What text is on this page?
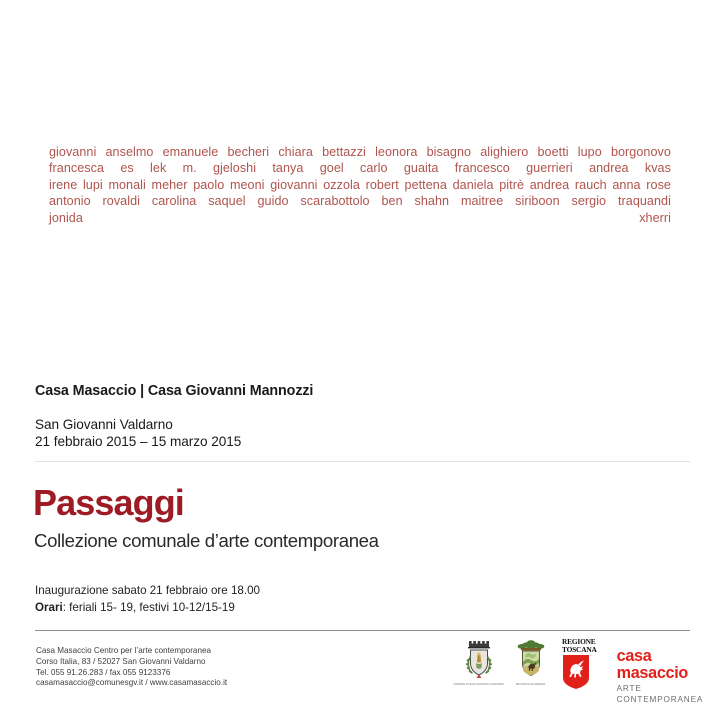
giovanni anselmo emanuele becheri chiara bettazzi leonora bisagno alighiero boetti lupo borgonovo francesca es lek m. gjeloshi tanya goel carlo guaita francesco guerrieri andrea kvas irene lupi monali meher paolo meoni giovanni ozzola robert pettena daniela pitrè andrea rauch anna rose antonio rovaldi carolina saquel guido scarabottolo ben shahn maitree siriboon sergio traquandi jonida xherri
Casa Masaccio | Casa Giovanni Mannozzi
San Giovanni Valdarno
21 febbraio 2015 – 15 marzo 2015
Passaggi
Collezione comunale d’arte contemporanea
Inaugurazione sabato 21 febbraio ore 18.00
Orari: feriali 15- 19, festivi 10-12/15-19
Casa Masaccio Centro per l’arte contemporanea
Corso Italia, 83 / 52027 San Giovanni Valdarno
Tel. 055 91.26.283 / fax 055 9123376
casamasaccio@comunesgv.it / www.casamasaccio.it	COMUNE DI SAN GIOVANNI VALDARNO	PROVINCIA DI AREZZO
REGIONE
TOSCANA casa masaccio
ARTE CONTEMPORANEA
